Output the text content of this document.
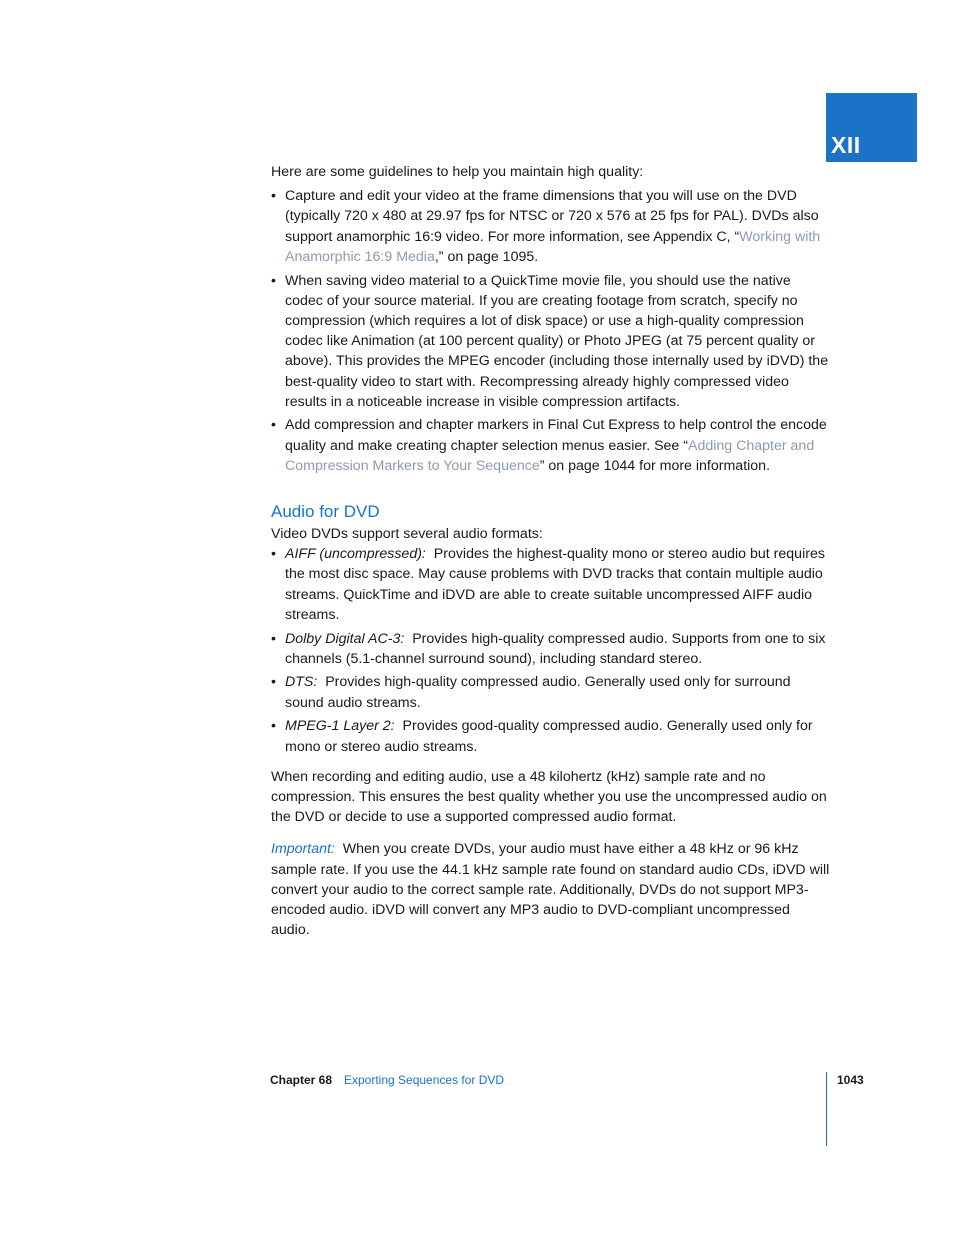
XII

Here are some guidelines to help you maintain high quality:

• Capture and edit your video at the frame dimensions that you will use on the DVD (typically 720 x 480 at 29.97 fps for NTSC or 720 x 576 at 25 fps for PAL). DVDs also support anamorphic 16:9 video. For more information, see Appendix C, “Working with Anamorphic 16:9 Media,” on page 1095.
• When saving video material to a QuickTime movie file, you should use the native codec of your source material. If you are creating footage from scratch, specify no compression (which requires a lot of disk space) or use a high-quality compression codec like Animation (at 100 percent quality) or Photo JPEG (at 75 percent quality or above). This provides the MPEG encoder (including those internally used by iDVD) the best-quality video to start with. Recompressing already highly compressed video results in a noticeable increase in visible compression artifacts.
• Add compression and chapter markers in Final Cut Express to help control the encode quality and make creating chapter selection menus easier. See “Adding Chapter and Compression Markers to Your Sequence” on page 1044 for more information.
Audio for DVD

Video DVDs support several audio formats:

• AIFF (uncompressed): Provides the highest-quality mono or stereo audio but requires the most disc space. May cause problems with DVD tracks that contain multiple audio streams. QuickTime and iDVD are able to create suitable uncompressed AIFF audio streams.
• Dolby Digital AC-3: Provides high-quality compressed audio. Supports from one to six channels (5.1-channel surround sound), including standard stereo.
• DTS: Provides high-quality compressed audio. Generally used only for surround sound audio streams.
• MPEG-1 Layer 2: Provides good-quality compressed audio. Generally used only for mono or stereo audio streams.

When recording and editing audio, use a 48 kilohertz (kHz) sample rate and no compression. This ensures the best quality whether you use the uncompressed audio on the DVD or decide to use a supported compressed audio format.

Important: When you create DVDs, your audio must have either a 48 kHz or 96 kHz sample rate. If you use the 44.1 kHz sample rate found on standard audio CDs, iDVD will convert your audio to the correct sample rate. Additionally, DVDs do not support MP3-encoded audio. iDVD will convert any MP3 audio to DVD-compliant uncompressed audio.

Chapter 68 Exporting Sequences for DVD	1043
